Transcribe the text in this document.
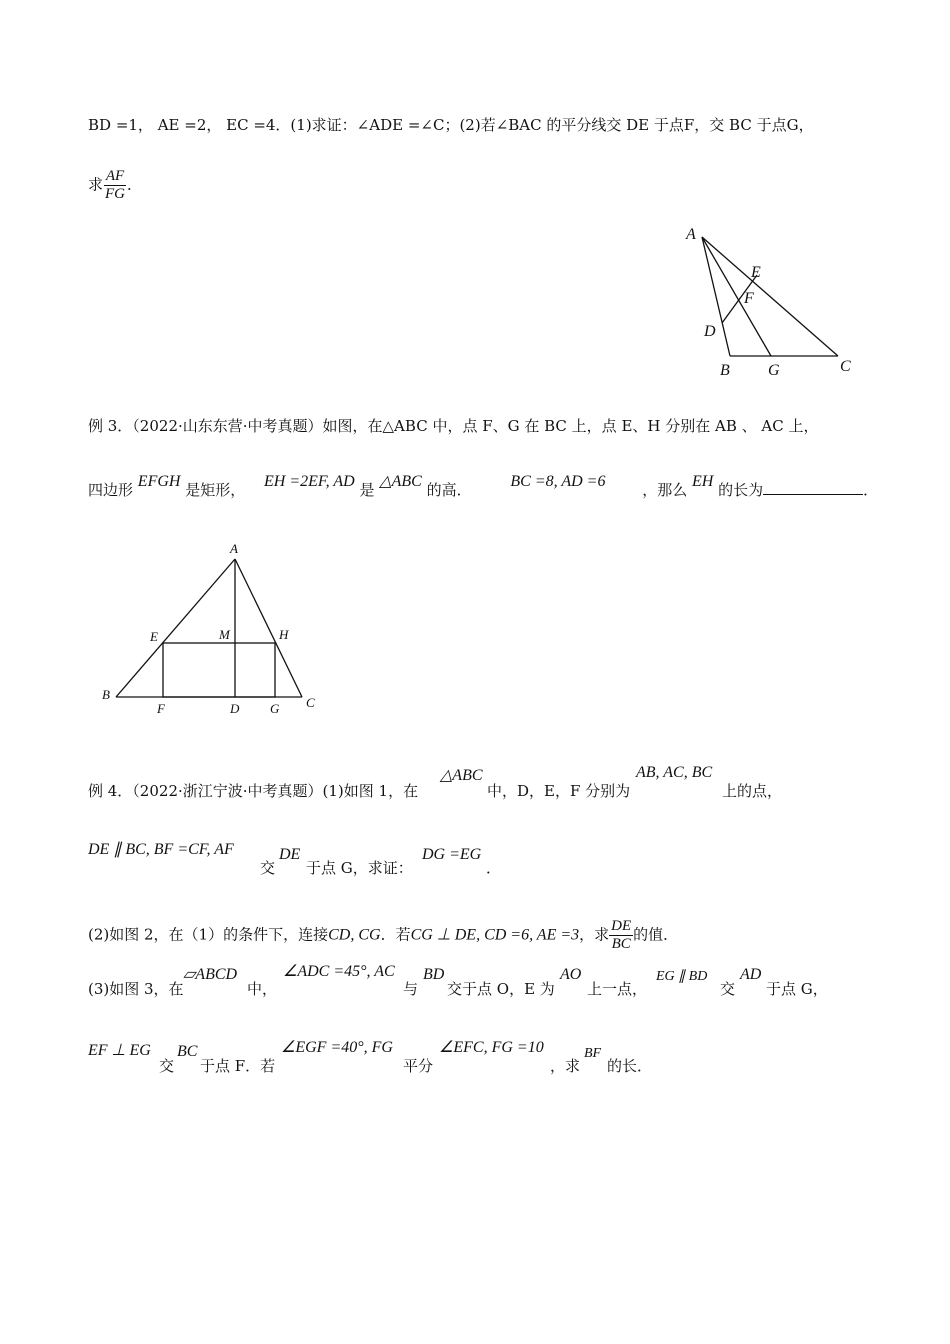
BD =1， AE =2， EC =4．(1)求证：∠ADE =∠C；(2)若∠BAC 的平分线交 DE 于点F，交 BC 于点G，
求 $\frac{AF}{FG}$ ．
A
E
F
D
B G	C
例 3．（2022·山东东营·中考真题）如图，在△ABC 中，点 F、G 在 BC 上，点 E、H 分别在 AB 、 AC 上，
四边形 EFGH 是矩形， EH =2EF, AD 是 △ABC 的高． BC =8, AD =6 ，那么 EH 的长为	．
A
E	M	H
B
F	D G C
例 4．（2022·浙江宁波·中考真题）(1)如图 1，在
△ABC
中，D，E，F 分别为
AB, AC, BC
上的点，
DE ∥ BC, BF =CF, AF
交
DE
于点 G，求证：
DG =EG
．
(2)如图 2，在（1）的条件下，连接CD, CG．若CG ⊥ DE, CD =6, AE =3，求 $\frac{DE}{BC}$ 的值．
(3)如图 3，在
▱ABCD
中，
∠ADC =45°, AC
与
BD
交于点 O，E 为
AO
上一点，
EG ∥ BD
交
AD
于点 G，
EF ⊥ EG
交
BC
于点 F．若
∠EGF =40°, FG
平分
∠EFC, FG =10
，求
BF
的长．
